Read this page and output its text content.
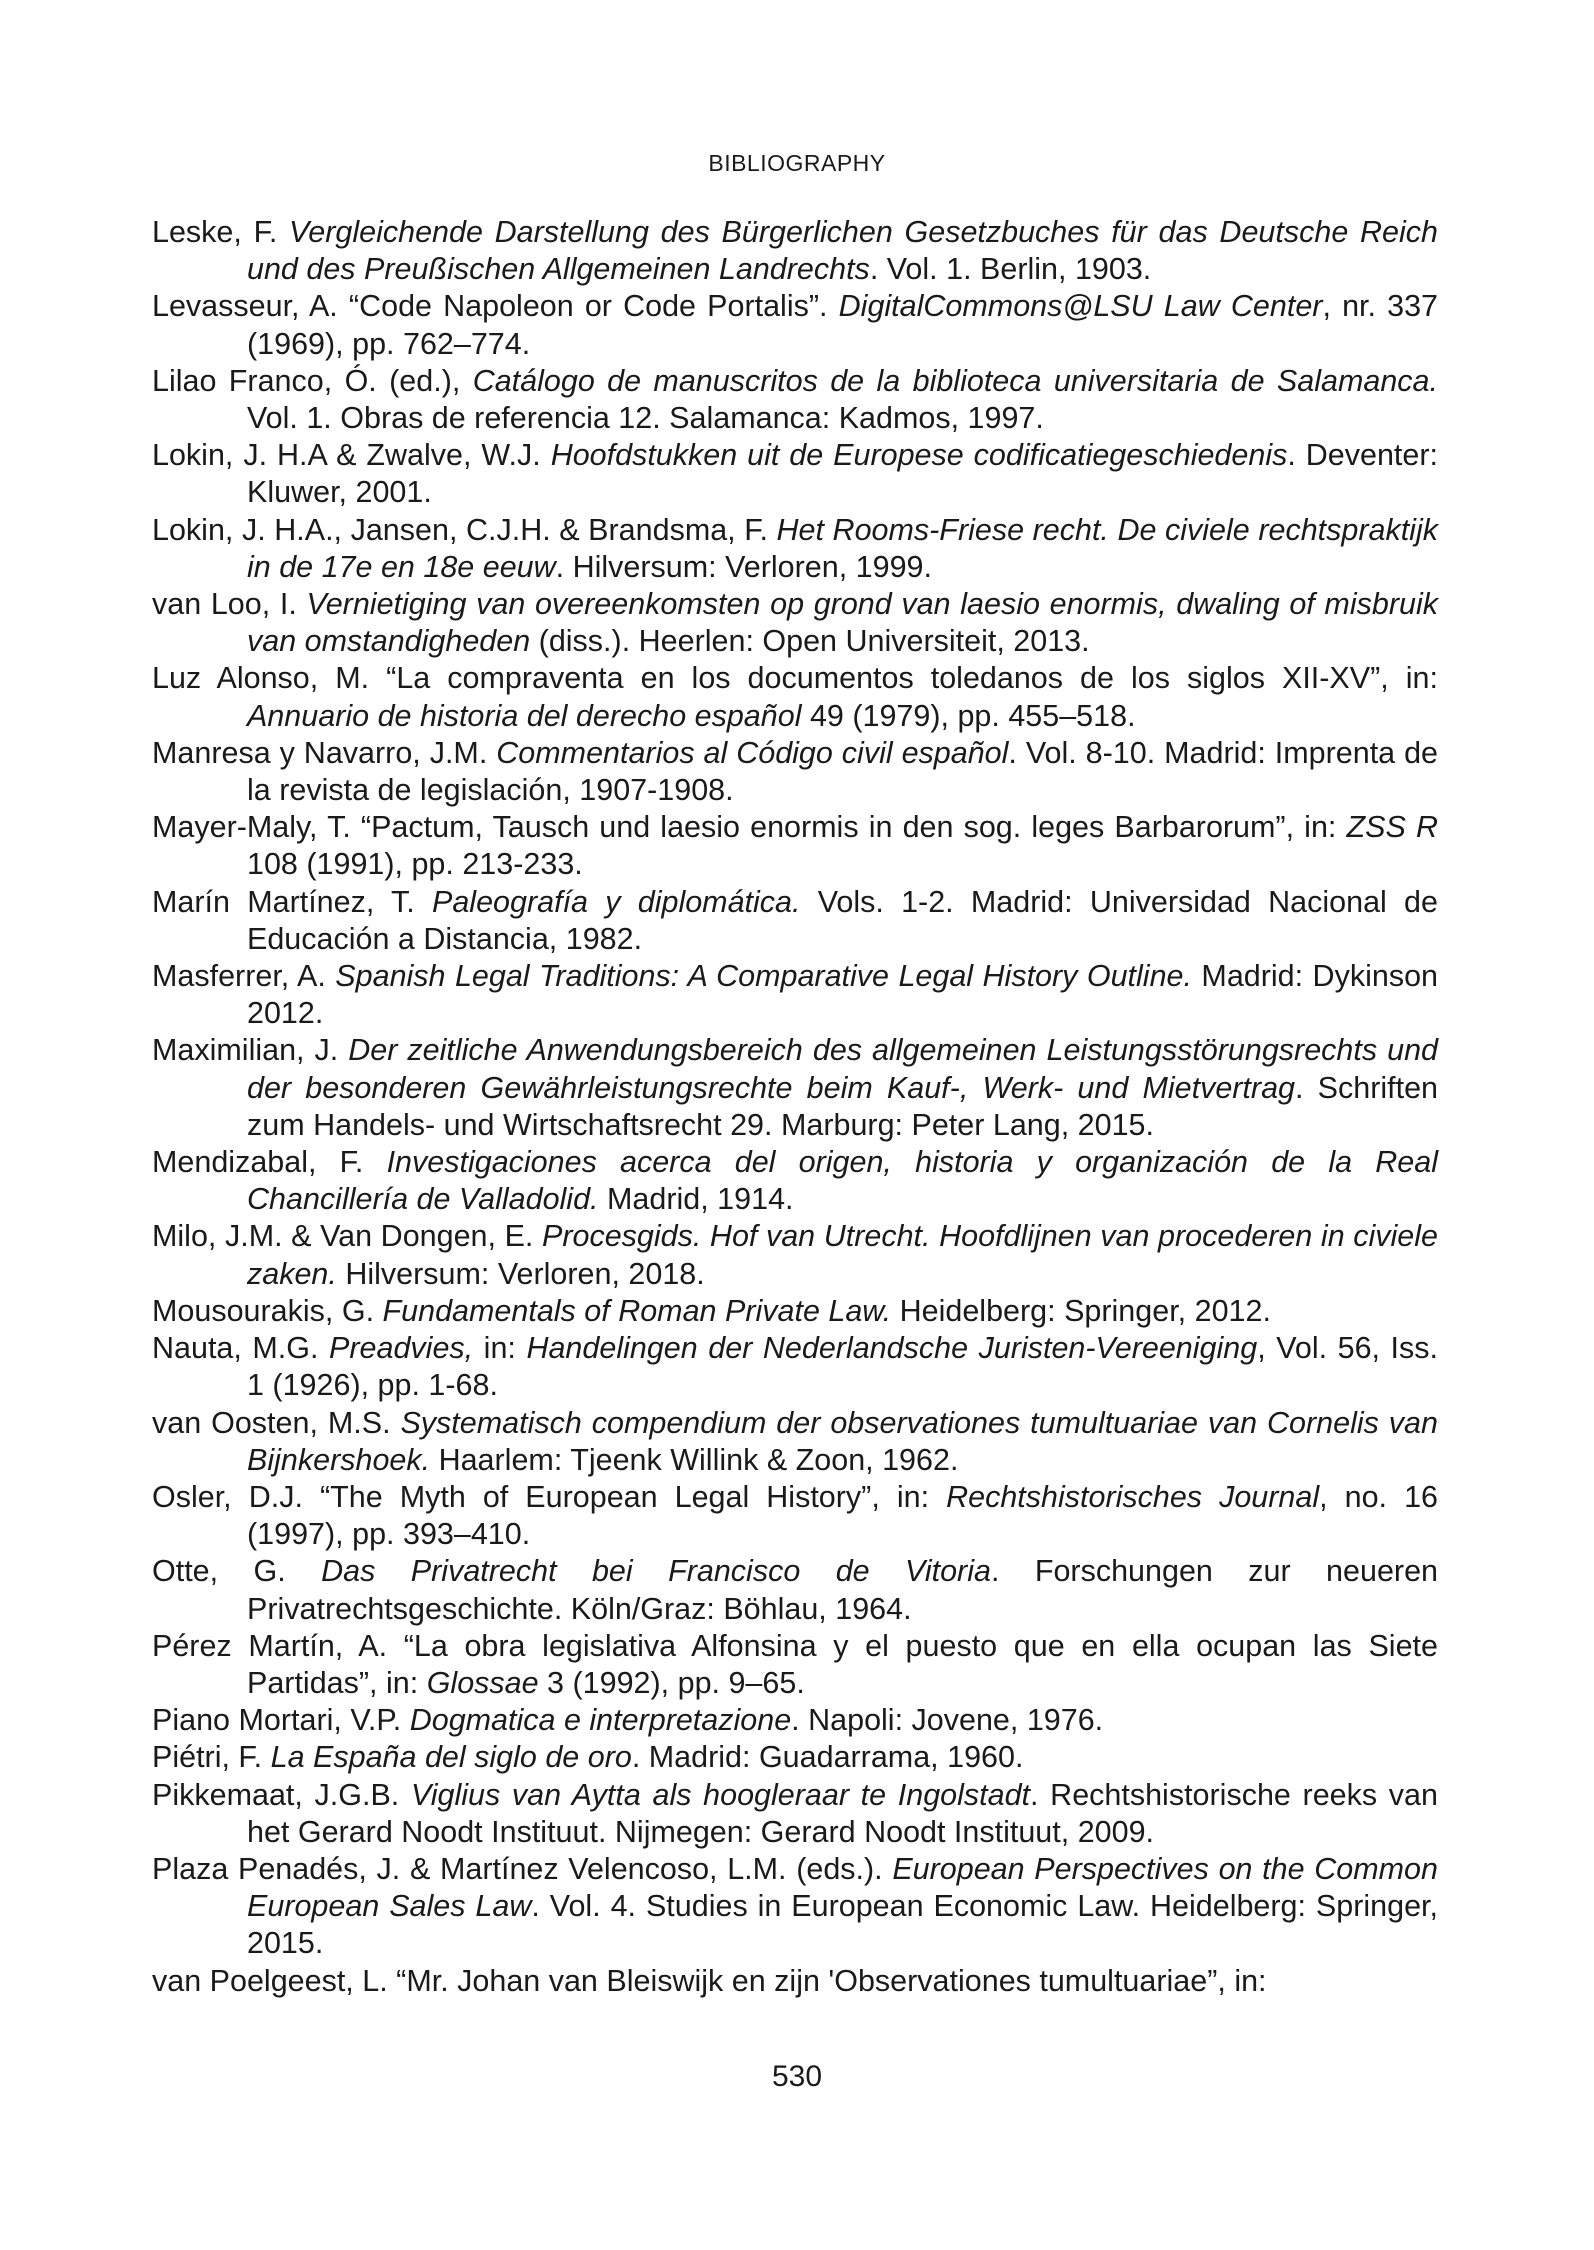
BIBLIOGRAPHY
Leske, F. Vergleichende Darstellung des Bürgerlichen Gesetzbuches für das Deutsche Reich und des Preußischen Allgemeinen Landrechts. Vol. 1. Berlin, 1903.
Levasseur, A. “Code Napoleon or Code Portalis”. DigitalCommons@LSU Law Center, nr. 337 (1969), pp. 762–774.
Lilao Franco, Ó. (ed.), Catálogo de manuscritos de la biblioteca universitaria de Salamanca. Vol. 1. Obras de referencia 12. Salamanca: Kadmos, 1997.
Lokin, J. H.A & Zwalve, W.J. Hoofdstukken uit de Europese codificatiegeschiedenis. Deventer: Kluwer, 2001.
Lokin, J. H.A., Jansen, C.J.H. & Brandsma, F. Het Rooms-Friese recht. De civiele rechtspraktijk in de 17e en 18e eeuw. Hilversum: Verloren, 1999.
van Loo, I. Vernietiging van overeenkomsten op grond van laesio enormis, dwaling of misbruik van omstandigheden (diss.). Heerlen: Open Universiteit, 2013.
Luz Alonso, M. “La compraventa en los documentos toledanos de los siglos XII-XV”, in: Annuario de historia del derecho español 49 (1979), pp. 455–518.
Manresa y Navarro, J.M. Commentarios al Código civil español. Vol. 8-10. Madrid: Imprenta de la revista de legislación, 1907-1908.
Mayer-Maly, T. “Pactum, Tausch und laesio enormis in den sog. leges Barbarorum”, in: ZSS R 108 (1991), pp. 213-233.
Marín Martínez, T. Paleografía y diplomática. Vols. 1-2. Madrid: Universidad Nacional de Educación a Distancia, 1982.
Masferrer, A. Spanish Legal Traditions: A Comparative Legal History Outline. Madrid: Dykinson 2012.
Maximilian, J. Der zeitliche Anwendungsbereich des allgemeinen Leistungsstörungsrechts und der besonderen Gewährleistungsrechte beim Kauf-, Werk- und Mietvertrag. Schriften zum Handels- und Wirtschaftsrecht 29. Marburg: Peter Lang, 2015.
Mendizabal, F. Investigaciones acerca del origen, historia y organización de la Real Chancillería de Valladolid. Madrid, 1914.
Milo, J.M. & Van Dongen, E. Procesgids. Hof van Utrecht. Hoofdlijnen van procederen in civiele zaken. Hilversum: Verloren, 2018.
Mousourakis, G. Fundamentals of Roman Private Law. Heidelberg: Springer, 2012.
Nauta, M.G. Preadvies, in: Handelingen der Nederlandsche Juristen-Vereeniging, Vol. 56, Iss. 1 (1926), pp. 1-68.
van Oosten, M.S. Systematisch compendium der observationes tumultuariae van Cornelis van Bijnkershoek. Haarlem: Tjeenk Willink & Zoon, 1962.
Osler, D.J. “The Myth of European Legal History”, in: Rechtshistorisches Journal, no. 16 (1997), pp. 393–410.
Otte, G. Das Privatrecht bei Francisco de Vitoria. Forschungen zur neueren Privatrechtsgeschichte. Köln/Graz: Böhlau, 1964.
Pérez Martín, A. “La obra legislativa Alfonsina y el puesto que en ella ocupan las Siete Partidas”, in: Glossae 3 (1992), pp. 9–65.
Piano Mortari, V.P. Dogmatica e interpretazione. Napoli: Jovene, 1976.
Piétri, F. La España del siglo de oro. Madrid: Guadarrama, 1960.
Pikkemaat, J.G.B. Viglius van Aytta als hoogleraar te Ingolstadt. Rechtshistorische reeks van het Gerard Noodt Instituut. Nijmegen: Gerard Noodt Instituut, 2009.
Plaza Penadés, J. & Martínez Velencoso, L.M. (eds.). European Perspectives on the Common European Sales Law. Vol. 4. Studies in European Economic Law. Heidelberg: Springer, 2015.
van Poelgeest, L. “Mr. Johan van Bleiswijk en zijn 'Observationes tumultuariae”, in:
530
